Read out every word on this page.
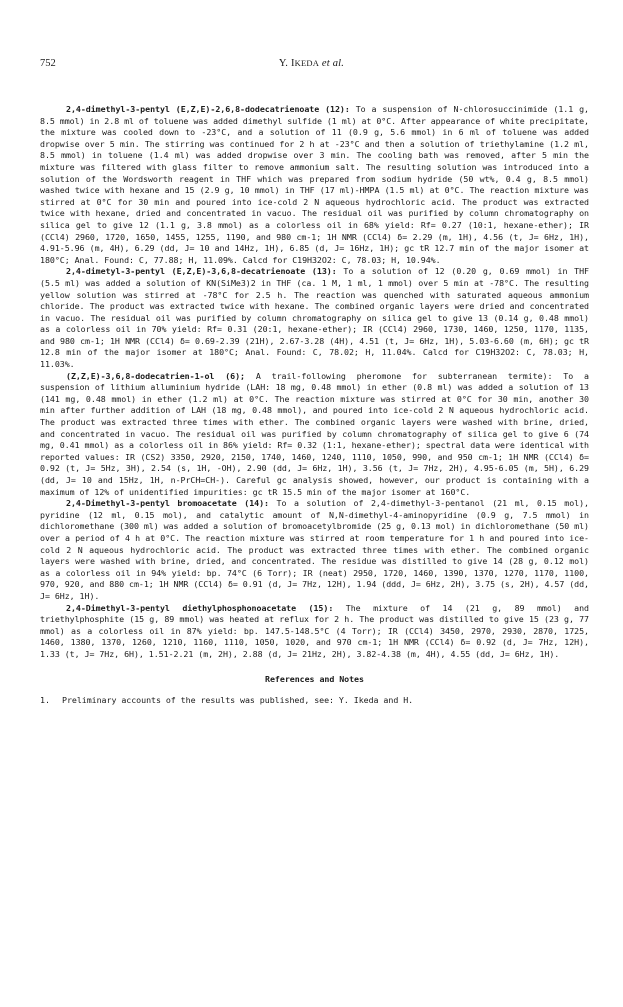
752	Y. IKEDA et al.

2,4-dimethyl-3-pentyl (E,Z,E)-2,6,8-dodecatrienoate (12): To a suspension of N-chlorosuccinimide (1.1 g, 8.5 mmol) in 2.8 ml of toluene was added dimethyl sulfide (1 ml) at 0°C. After appearance of white precipitate, the mixture was cooled down to -23°C, and a solution of 11 (0.9 g, 5.6 mmol) in 6 ml of toluene was added dropwise over 5 min. The stirring was continued for 2 h at -23°C and then a solution of triethylamine (1.2 ml, 8.5 mmol) in toluene (1.4 ml) was added dropwise over 3 min. The cooling bath was removed, after 5 min the mixture was filtered with glass filter to remove ammonium salt. The resulting solution was introduced into a solution of the Wordsworth reagent in THF which was prepared from sodium hydride (50 wt%, 0.4 g, 8.5 mmol) washed twice with hexane and 15 (2.9 g, 10 mmol) in THF (17 ml)-HMPA (1.5 ml) at 0°C. The reaction mixture was stirred at 0°C for 30 min and poured into ice-cold 2 N aqueous hydrochloric acid. The product was extracted twice with hexane, dried and concentrated in vacuo. The residual oil was purified by column chromatography on silica gel to give 12 (1.1 g, 3.8 mmol) as a colorless oil in 68% yield: Rf= 0.27 (10:1, hexane-ether); IR (CCl4) 2960, 1720, 1650, 1455, 1255, 1190, and 980 cm-1; 1H NMR (CCl4) δ= 2.29 (m, 1H), 4.56 (t, J= 6Hz, 1H), 4.91-5.96 (m, 4H), 6.29 (dd, J= 10 and 14Hz, 1H), 6.85 (d, J= 16Hz, 1H); gc tR 12.7 min of the major isomer at 180°C; Anal. Found: C, 77.88; H, 11.09%. Calcd for C19H32O2: C, 78.03; H, 10.94%.

2,4-dimetyl-3-pentyl (E,Z,E)-3,6,8-decatrienoate (13): To a solution of 12 (0.20 g, 0.69 mmol) in THF (5.5 ml) was added a solution of KN(SiMe3)2 in THF (ca. 1 M, 1 ml, 1 mmol) over 5 min at -78°C. The resulting yellow solution was stirred at -78°C for 2.5 h. The reaction was quenched with saturated aqueous ammonium chloride. The product was extracted twice with hexane. The combined organic layers were dried and concentrated in vacuo. The residual oil was purified by column chromatography on silica gel to give 13 (0.14 g, 0.48 mmol) as a colorless oil in 70% yield: Rf= 0.31 (20:1, hexane-ether); IR (CCl4) 2960, 1730, 1460, 1250, 1170, 1135, and 980 cm-1; 1H NMR (CCl4) δ= 0.69-2.39 (21H), 2.67-3.28 (4H), 4.51 (t, J= 6Hz, 1H), 5.03-6.60 (m, 6H); gc tR 12.8 min of the major isomer at 180°C; Anal. Found: C, 78.02; H, 11.04%. Calcd for C19H32O2: C, 78.03; H, 11.03%.

(Z,Z,E)-3,6,8-dodecatrien-1-ol (6); A trail-following pheromone for subterranean termite): To a suspension of lithium alluminium hydride (LAH: 18 mg, 0.48 mmol) in ether (0.8 ml) was added a solution of 13 (141 mg, 0.48 mmol) in ether (1.2 ml) at 0°C. The reaction mixture was stirred at 0°C for 30 min, another 30 min after further addition of LAH (18 mg, 0.48 mmol), and poured into ice-cold 2 N aqueous hydrochloric acid. The product was extracted three times with ether. The combined organic layers were washed with brine, dried, and concentrated in vacuo. The residual oil was purified by column chromatography of silica gel to give 6 (74 mg, 0.41 mmol) as a colorless oil in 86% yield: Rf= 0.32 (1:1, hexane-ether); spectral data were identical with reported values: IR (CS2) 3350, 2920, 2150, 1740, 1460, 1240, 1110, 1050, 990, and 950 cm-1; 1H NMR (CCl4) δ= 0.92 (t, J= 5Hz, 3H), 2.54 (s, 1H, -OH), 2.90 (dd, J= 6Hz, 1H), 3.56 (t, J= 7Hz, 2H), 4.95-6.05 (m, 5H), 6.29 (dd, J= 10 and 15Hz, 1H, n-PrCH=CH-). Careful gc analysis showed, however, our product is containing with a maximum of 12% of unidentified impurities: gc tR 15.5 min of the major isomer at 160°C.

2,4-Dimethyl-3-pentyl bromoacetate (14): To a solution of 2,4-dimethyl-3-pentanol (21 ml, 0.15 mol), pyridine (12 ml, 0.15 mol), and catalytic amount of N,N-dimethyl-4-aminopyridine (0.9 g, 7.5 mmol) in dichloromethane (300 ml) was added a solution of bromoacetylbromide (25 g, 0.13 mol) in dichloromethane (50 ml) over a period of 4 h at 0°C. The reaction mixture was stirred at room temperature for 1 h and poured into ice-cold 2 N aqueous hydrochloric acid. The product was extracted three times with ether. The combined organic layers were washed with brine, dried, and concentrated. The residue was distilled to give 14 (28 g, 0.12 mol) as a colorless oil in 94% yield: bp. 74°C (6 Torr); IR (neat) 2950, 1720, 1460, 1390, 1370, 1270, 1170, 1100, 970, 920, and 880 cm-1; 1H NMR (CCl4) δ= 0.91 (d, J= 7Hz, 12H), 1.94 (ddd, J= 6Hz, 2H), 3.75 (s, 2H), 4.57 (dd, J= 6Hz, 1H).

2,4-Dimethyl-3-pentyl diethylphosphonoacetate (15): The mixture of 14 (21 g, 89 mmol) and triethylphosphite (15 g, 89 mmol) was heated at reflux for 2 h. The product was distilled to give 15 (23 g, 77 mmol) as a colorless oil in 87% yield: bp. 147.5-148.5°C (4 Torr); IR (CCl4) 3450, 2970, 2930, 2870, 1725, 1460, 1380, 1370, 1260, 1210, 1160, 1110, 1050, 1020, and 970 cm-1; 1H NMR (CCl4) δ= 0.92 (d, J= 7Hz, 12H), 1.33 (t, J= 7Hz, 6H), 1.51-2.21 (m, 2H), 2.88 (d, J= 21Hz, 2H), 3.82-4.38 (m, 4H), 4.55 (dd, J= 6Hz, 1H).

References and Notes
1.	Preliminary accounts of the results was published, see: Y. Ikeda and H.
